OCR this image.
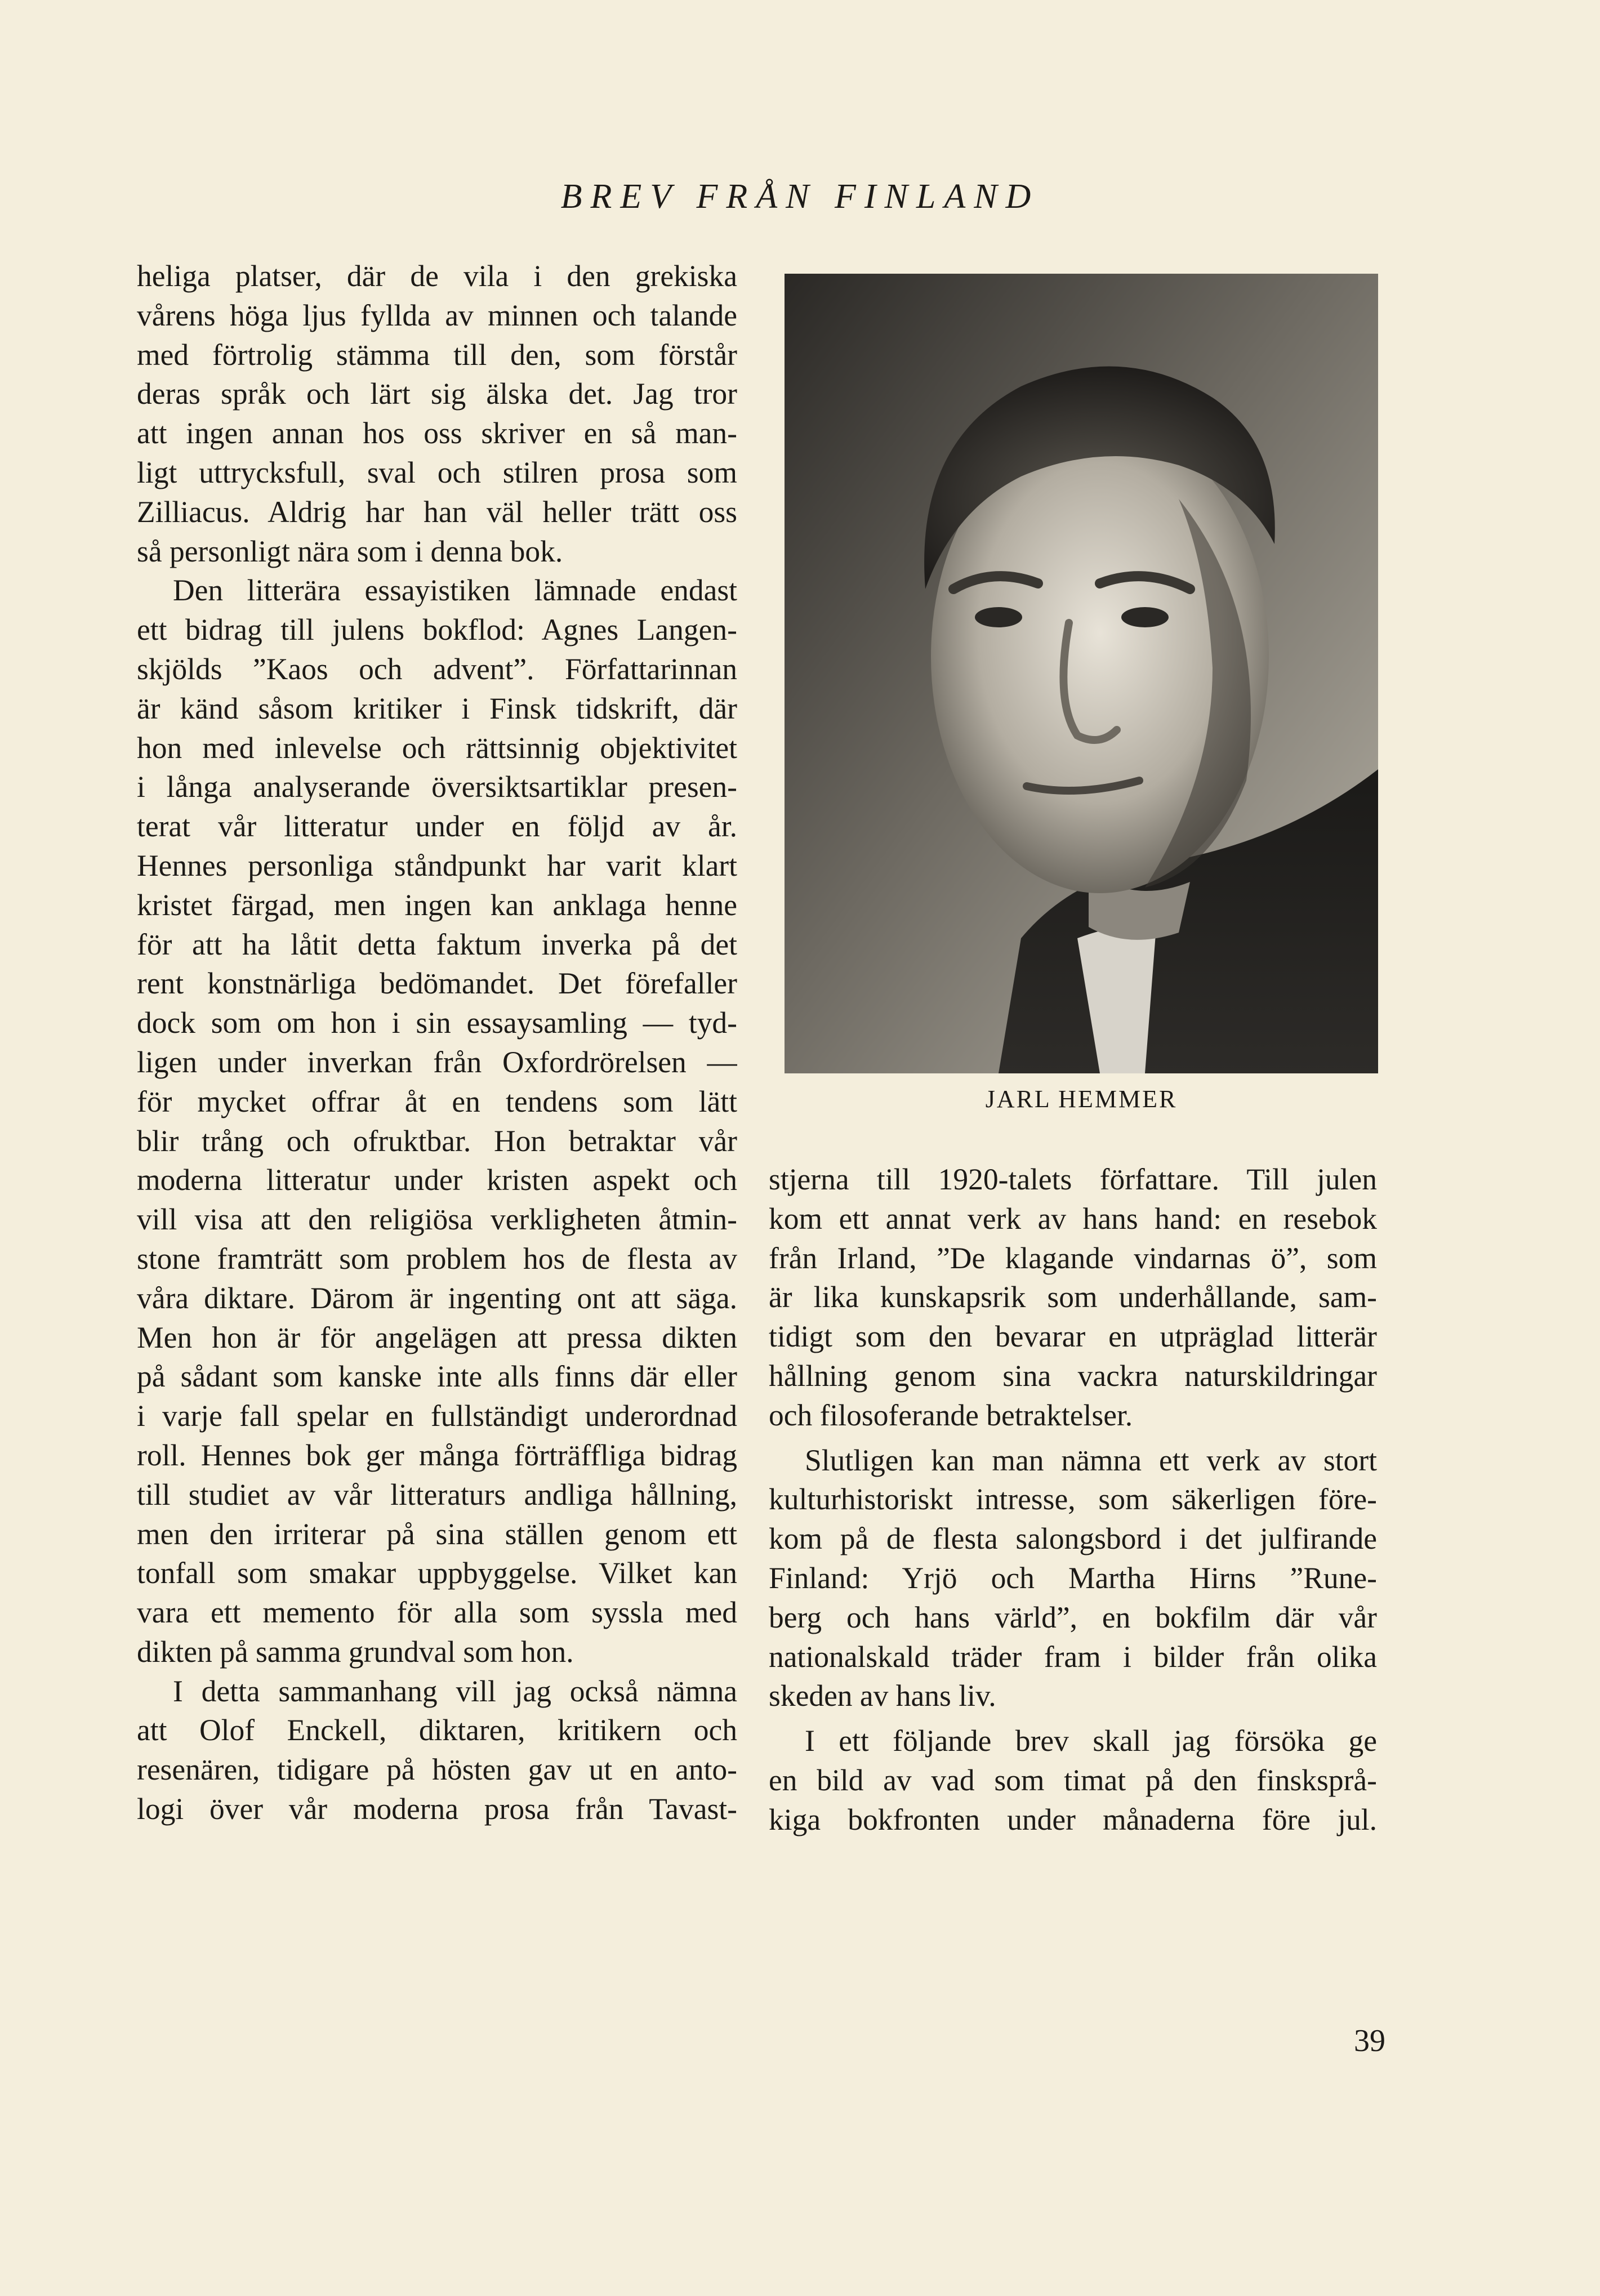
BREV FRÅN FINLAND
heliga platser, där de vila i den grekiska
vårens höga ljus fyllda av minnen och talande
med förtrolig stämma till den, som förstår
deras språk och lärt sig älska det. Jag tror
att ingen annan hos oss skriver en så man-
ligt uttrycksfull, sval och stilren prosa som
Zilliacus. Aldrig har han väl heller trätt oss
så personligt nära som i denna bok.
Den litterära essayistiken lämnade endast
ett bidrag till julens bokflod: Agnes Langen-
skjölds ”Kaos och advent”. Författarinnan
är känd såsom kritiker i Finsk tidskrift, där
hon med inlevelse och rättsinnig objektivitet
i långa analyserande översiktsartiklar presen-
terat vår litteratur under en följd av år.
Hennes personliga ståndpunkt har varit klart
kristet färgad, men ingen kan anklaga henne
för att ha låtit detta faktum inverka på det
rent konstnärliga bedömandet. Det förefaller
dock som om hon i sin essaysamling — tyd-
ligen under inverkan från Oxfordrörelsen —
för mycket offrar åt en tendens som lätt
blir trång och ofruktbar. Hon betraktar vår
moderna litteratur under kristen aspekt och
vill visa att den religiösa verkligheten åtmin-
stone framträtt som problem hos de flesta av
våra diktare. Därom är ingenting ont att säga.
Men hon är för angelägen att pressa dikten
på sådant som kanske inte alls finns där eller
i varje fall spelar en fullständigt underordnad
roll. Hennes bok ger många förträffliga bidrag
till studiet av vår litteraturs andliga hållning,
men den irriterar på sina ställen genom ett
tonfall som smakar uppbyggelse. Vilket kan
vara ett memento för alla som syssla med
dikten på samma grundval som hon.
I detta sammanhang vill jag också nämna
att Olof Enckell, diktaren, kritikern och
resenären, tidigare på hösten gav ut en anto-
logi över vår moderna prosa från Tavast-
JARL HEMMER
stjerna till 1920-talets författare. Till julen
kom ett annat verk av hans hand: en resebok
från Irland, ”De klagande vindarnas ö”, som
är lika kunskapsrik som underhållande, sam-
tidigt som den bevarar en utpräglad litterär
hållning genom sina vackra naturskildringar
och filosoferande betraktelser.
Slutligen kan man nämna ett verk av stort
kulturhistoriskt intresse, som säkerligen före-
kom på de flesta salongsbord i det julfirande
Finland: Yrjö och Martha Hirns ”Rune-
berg och hans värld”, en bokfilm där vår
nationalskald träder fram i bilder från olika
skeden av hans liv.
I ett följande brev skall jag försöka ge
en bild av vad som timat på den finsksprå-
kiga bokfronten under månaderna före jul.
39
